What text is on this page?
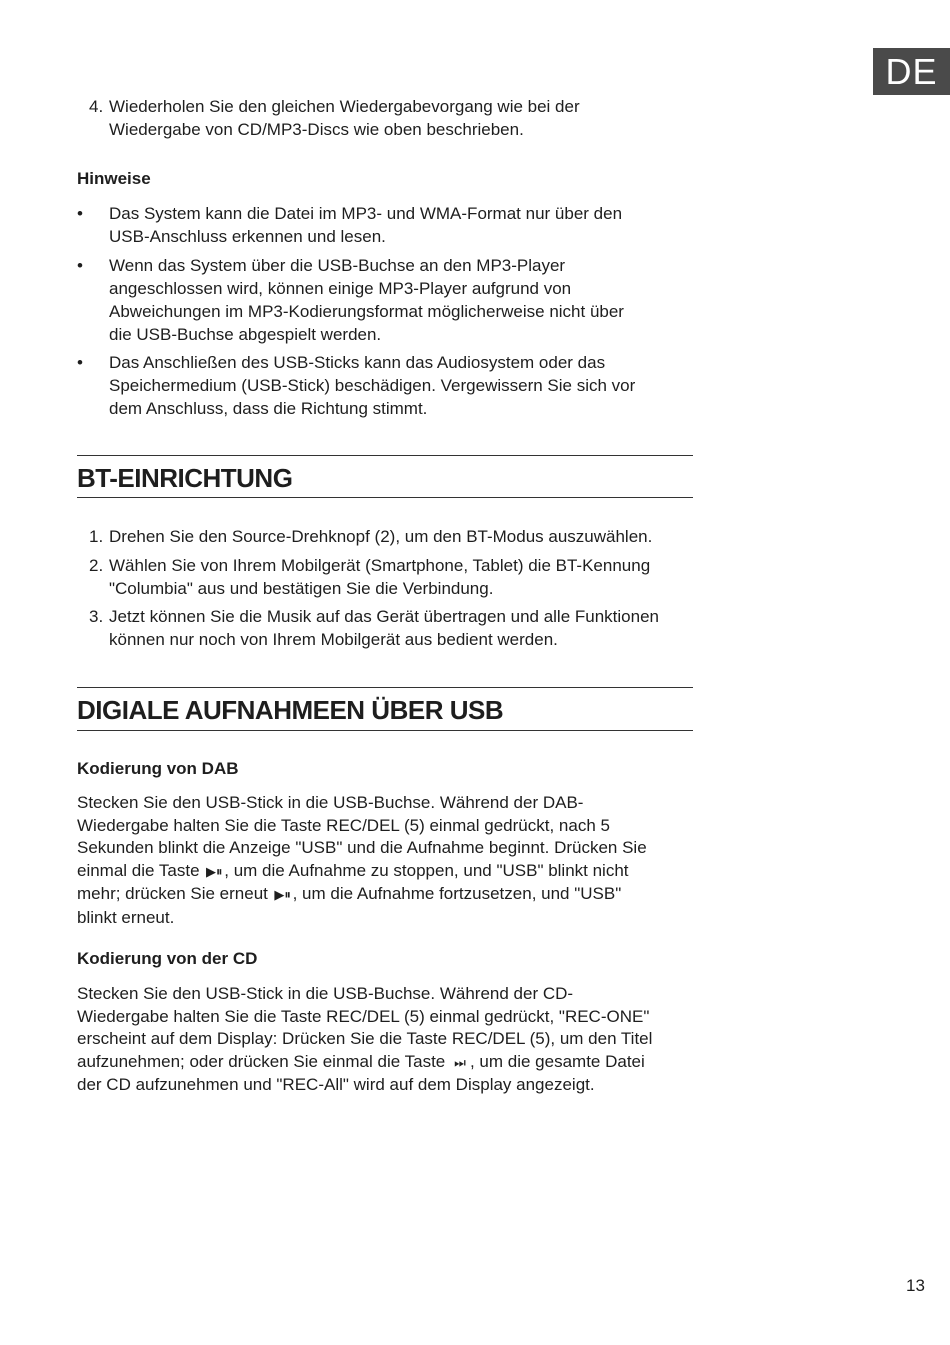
DE
4. Wiederholen Sie den gleichen Wiedergabevorgang wie bei der
Wiedergabe von CD/MP3-Discs wie oben beschrieben.
Hinweise
• Das System kann die Datei im MP3- und WMA-Format nur über den
USB-Anschluss erkennen und lesen.
• Wenn das System über die USB-Buchse an den MP3-Player
angeschlossen wird, können einige MP3-Player aufgrund von
Abweichungen im MP3-Kodierungsformat möglicherweise nicht über
die USB-Buchse abgespielt werden.
• Das Anschließen des USB-Sticks kann das Audiosystem oder das
Speichermedium (USB-Stick) beschädigen. Vergewissern Sie sich vor
dem Anschluss, dass die Richtung stimmt.
BT-EINRICHTUNG
1. Drehen Sie den Source-Drehknopf (2), um den BT-Modus auszuwählen.
2. Wählen Sie von Ihrem Mobilgerät (Smartphone, Tablet) die BT-Kennung
"Columbia" aus und bestätigen Sie die Verbindung.
3. Jetzt können Sie die Musik auf das Gerät übertragen und alle Funktionen
können nur noch von Ihrem Mobilgerät aus bedient werden.
DIGIALE AUFNAHMEEN ÜBER USB
Kodierung von DAB
Stecken Sie den USB-Stick in die USB-Buchse. Während der DAB-
Wiedergabe halten Sie die Taste REC/DEL (5) einmal gedrückt, nach 5
Sekunden blinkt die Anzeige "USB" und die Aufnahme beginnt. Drücken Sie
einmal die Taste ▶⏸ , um die Aufnahme zu stoppen, und "USB" blinkt nicht
mehr; drücken Sie erneut ▶⏸ , um die Aufnahme fortzusetzen, und "USB"
blinkt erneut.
Kodierung von der CD
Stecken Sie den USB-Stick in die USB-Buchse. Während der CD-
Wiedergabe halten Sie die Taste REC/DEL (5) einmal gedrückt, "REC-ONE"
erscheint auf dem Display: Drücken Sie die Taste REC/DEL (5), um den Titel
aufzunehmen; oder drücken Sie einmal die Taste ⏭ , um die gesamte Datei
der CD aufzunehmen und "REC-All" wird auf dem Display angezeigt.
13
